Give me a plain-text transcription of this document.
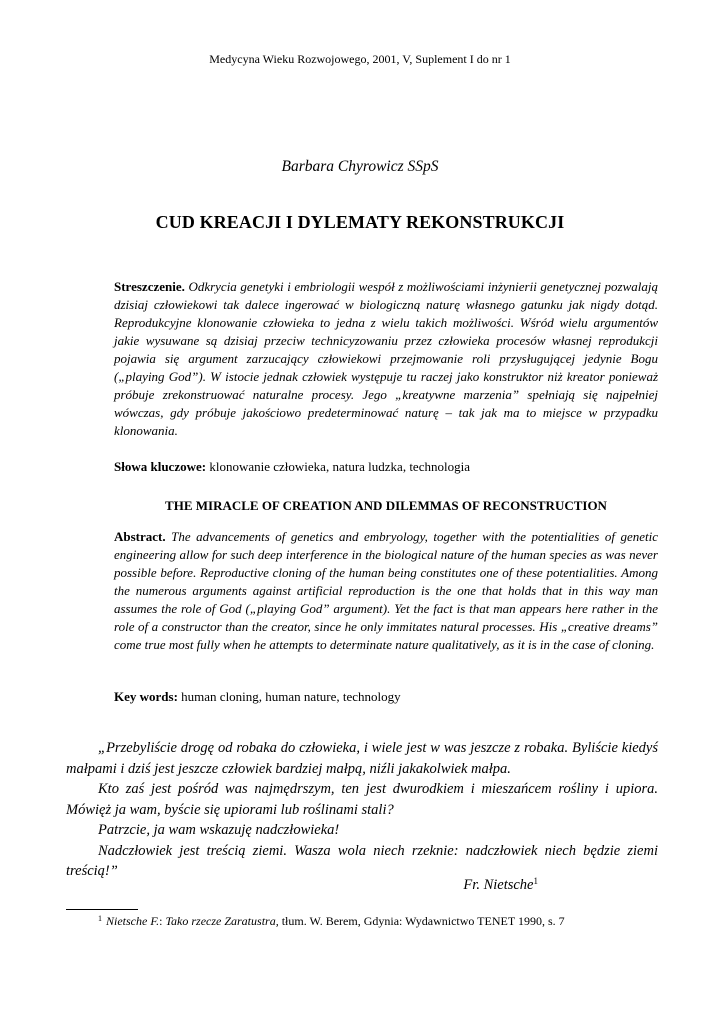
Medycyna Wieku Rozwojowego, 2001, V, Suplement I do nr 1
Barbara Chyrowicz SSpS
CUD KREACJI I DYLEMATY REKONSTRUKCJI
Streszczenie. Odkrycia genetyki i embriologii wespół z możliwościami inżynierii genetycznej pozwalają dzisiaj człowiekowi tak dalece ingerować w biologiczną naturę własnego gatunku jak nigdy dotąd. Reprodukcyjne klonowanie człowieka to jedna z wielu takich możliwości. Wśród wielu argumentów jakie wysuwane są dzisiaj przeciw technicyzowaniu przez człowieka procesów własnej reprodukcji pojawia się argument zarzucający człowiekowi przejmowanie roli przysługującej jedynie Bogu („playing God”). W istocie jednak człowiek występuje tu raczej jako konstruktor niż kreator ponieważ próbuje zrekonstruować naturalne procesy. Jego „kreatywne marzenia” spełniają się najpełniej wówczas, gdy próbuje jakościowo predeterminować naturę – tak jak ma to miejsce w przypadku klonowania.
Słowa kluczowe: klonowanie człowieka, natura ludzka, technologia
THE MIRACLE OF CREATION AND DILEMMAS OF RECONSTRUCTION
Abstract. The advancements of genetics and embryology, together with the potentialities of genetic engineering allow for such deep interference in the biological nature of the human species as was never possible before. Reproductive cloning of the human being constitutes one of these potentialities. Among the numerous arguments against artificial reproduction is the one that holds that in this way man assumes the role of God („playing God” argument). Yet the fact is that man appears here rather in the role of a constructor than the creator, since he only immitates natural processes. His „creative dreams” come true most fully when he attempts to determinate nature qualitatively, as it is in the case of cloning.
Key words: human cloning, human nature, technology

„Przebyliście drogę od robaka do człowieka, i wiele jest w was jeszcze z robaka. Byliście kiedyś małpami i dziś jest jeszcze człowiek bardziej małpą, niźli jakakolwiek małpa.

Kto zaś jest pośród was najmędrszym, ten jest dwurodkiem i mieszańcem rośliny i upiora. Mówięż ja wam, byście się upiorami lub roślinami stali?

Patrzcie, ja wam wskazuję nadczłowieka!

Nadczłowiek jest treścią ziemi. Wasza wola niech rzeknie: nadczłowiek niech będzie ziemi treścią!”

Fr. Nietsche$^1$
$^1$ Nietsche F.: Tako rzecze Zaratustra, tłum. W. Berem, Gdynia: Wydawnictwo TENET 1990, s. 7
